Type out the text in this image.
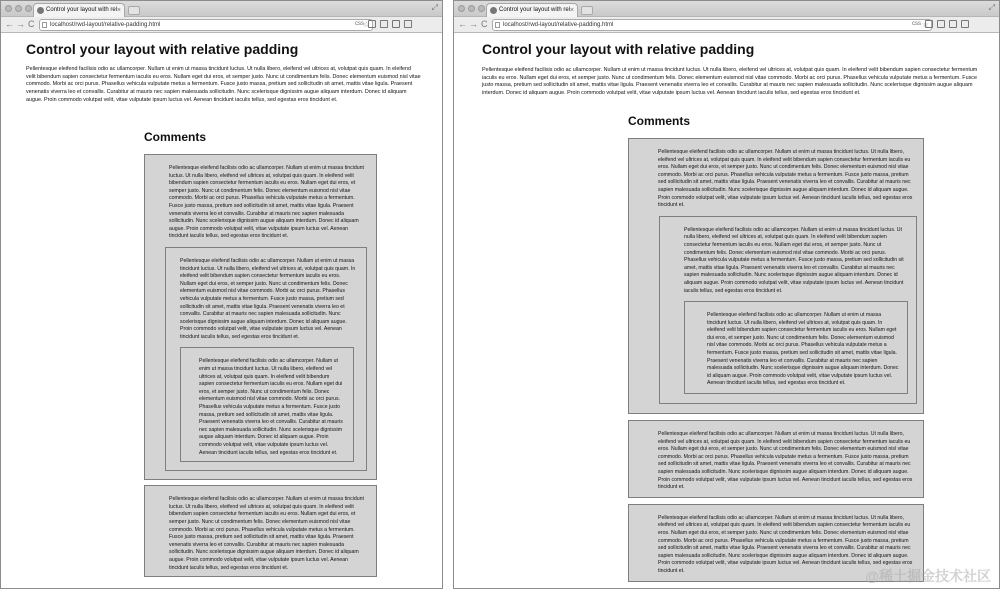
Control your layout with rel ×	⤢
← → C	localhost/rwd-layout/relative-padding.html	☆
css
Control your layout with relative padding

Pellentesque eleifend facilisis odio ac ullamcorper. Nullam ut enim ut massa tincidunt luctus. Ut nulla libero, eleifend vel ultrices at, volutpat quis quam. In eleifend velit bibendum sapien consectetur fermentum iaculis eu eros. Nullam eget dui eros, et semper justo. Nunc ut condimentum felis. Donec elementum euismod nisl vitae commodo. Morbi ac orci purus. Phasellus vehicula vulputate metus a fermentum. Fusce justo massa, pretium sed sollicitudin sit amet, mattis vitae ligula. Praesent venenatis viverra leo et convallis. Curabitur at mauris nec sapien malesuada sollicitudin. Nunc scelerisque dignissim augue aliquam interdum. Donec id aliquam augue. Proin commodo volutpat velit, vitae vulputate ipsum luctus vel. Aenean tincidunt iaculis tellus, sed egestas eros tincidunt et.

Comments

Pellentesque eleifend facilisis odio ac ullamcorper. Nullam ut enim ut massa tincidunt luctus. Ut nulla libero, eleifend vel ultrices at, volutpat quis quam. In eleifend velit bibendum sapien consectetur fermentum iaculis eu eros. Nullam eget dui eros, et semper justo. Nunc ut condimentum felis. Donec elementum euismod nisl vitae commodo. Morbi ac orci purus. Phasellus vehicula vulputate metus a fermentum. Fusce justo massa, pretium sed sollicitudin sit amet, mattis vitae ligula. Praesent venenatis viverra leo et convallis. Curabitur at mauris nec sapien malesuada sollicitudin. Nunc scelerisque dignissim augue aliquam interdum. Donec id aliquam augue. Proin commodo volutpat velit, vitae vulputate ipsum luctus vel. Aenean tincidunt iaculis tellus, sed egestas eros tincidunt et.

Pellentesque eleifend facilisis odio ac ullamcorper. Nullam ut enim ut massa tincidunt luctus. Ut nulla libero, eleifend vel ultrices at, volutpat quis quam. In eleifend velit bibendum sapien consectetur fermentum iaculis eu eros. Nullam eget dui eros, et semper justo. Nunc ut condimentum felis. Donec elementum euismod nisl vitae commodo. Morbi ac orci purus. Phasellus vehicula vulputate metus a fermentum. Fusce justo massa, pretium sed sollicitudin sit amet, mattis vitae ligula. Praesent venenatis viverra leo et convallis. Curabitur at mauris nec sapien malesuada sollicitudin. Nunc scelerisque dignissim augue aliquam interdum. Donec id aliquam augue. Proin commodo volutpat velit, vitae vulputate ipsum luctus vel. Aenean tincidunt iaculis tellus, sed egestas eros tincidunt et.

Pellentesque eleifend facilisis odio ac ullamcorper. Nullam ut enim ut massa tincidunt luctus. Ut nulla libero, eleifend vel ultrices at, volutpat quis quam. In eleifend velit bibendum sapien consectetur fermentum iaculis eu eros. Nullam eget dui eros, et semper justo. Nunc ut condimentum felis. Donec elementum euismod nisl vitae commodo. Morbi ac orci purus. Phasellus vehicula vulputate metus a fermentum. Fusce justo massa, pretium sed sollicitudin sit amet, mattis vitae ligula. Praesent venenatis viverra leo et convallis. Curabitur at mauris nec sapien malesuada sollicitudin. Nunc scelerisque dignissim augue aliquam interdum. Donec id aliquam augue. Proin commodo volutpat velit, vitae vulputate ipsum luctus vel. Aenean tincidunt iaculis tellus, sed egestas eros tincidunt et.

Pellentesque eleifend facilisis odio ac ullamcorper. Nullam ut enim ut massa tincidunt luctus. Ut nulla libero, eleifend vel ultrices at, volutpat quis quam. In eleifend velit bibendum sapien consectetur fermentum iaculis eu eros. Nullam eget dui eros, et semper justo. Nunc ut condimentum felis. Donec elementum euismod nisl vitae commodo. Morbi ac orci purus. Phasellus vehicula vulputate metus a fermentum. Fusce justo massa, pretium sed sollicitudin sit amet, mattis vitae ligula. Praesent venenatis viverra leo et convallis. Curabitur at mauris nec sapien malesuada sollicitudin. Nunc scelerisque dignissim augue aliquam interdum. Donec id aliquam augue. Proin commodo volutpat velit, vitae vulputate ipsum luctus vel. Aenean tincidunt iaculis tellus, sed egestas eros tincidunt et.

Control your layout with rel ×	⤢
← → C	localhost/rwd-layout/relative-padding.html	☆
css
Control your layout with relative padding

Pellentesque eleifend facilisis odio ac ullamcorper. Nullam ut enim ut massa tincidunt luctus. Ut nulla libero, eleifend vel ultrices at, volutpat quis quam. In eleifend velit bibendum sapien consectetur fermentum iaculis eu eros. Nullam eget dui eros, et semper justo. Nunc ut condimentum felis. Donec elementum euismod nisl vitae commodo. Morbi ac orci purus. Phasellus vehicula vulputate metus a fermentum. Fusce justo massa, pretium sed sollicitudin sit amet, mattis vitae ligula. Praesent venenatis viverra leo et convallis. Curabitur at mauris nec sapien malesuada sollicitudin. Nunc scelerisque dignissim augue aliquam interdum. Donec id aliquam augue. Proin commodo volutpat velit, vitae vulputate ipsum luctus vel. Aenean tincidunt iaculis tellus, sed egestas eros tincidunt et.

Comments

Pellentesque eleifend facilisis odio ac ullamcorper. Nullam ut enim ut massa tincidunt luctus. Ut nulla libero, eleifend vel ultrices at, volutpat quis quam. In eleifend velit bibendum sapien consectetur fermentum iaculis eu eros. Nullam eget dui eros, et semper justo. Nunc ut condimentum felis. Donec elementum euismod nisl vitae commodo. Morbi ac orci purus. Phasellus vehicula vulputate metus a fermentum. Fusce justo massa, pretium sed sollicitudin sit amet, mattis vitae ligula. Praesent venenatis viverra leo et convallis. Curabitur at mauris nec sapien malesuada sollicitudin. Nunc scelerisque dignissim augue aliquam interdum. Donec id aliquam augue. Proin commodo volutpat velit, vitae vulputate ipsum luctus vel. Aenean tincidunt iaculis tellus, sed egestas eros tincidunt et.

Pellentesque eleifend facilisis odio ac ullamcorper. Nullam ut enim ut massa tincidunt luctus. Ut nulla libero, eleifend vel ultrices at, volutpat quis quam. In eleifend velit bibendum sapien consectetur fermentum iaculis eu eros. Nullam eget dui eros, et semper justo. Nunc ut condimentum felis. Donec elementum euismod nisl vitae commodo. Morbi ac orci purus. Phasellus vehicula vulputate metus a fermentum. Fusce justo massa, pretium sed sollicitudin sit amet, mattis vitae ligula. Praesent venenatis viverra leo et convallis. Curabitur at mauris nec sapien malesuada sollicitudin. Nunc scelerisque dignissim augue aliquam interdum. Donec id aliquam augue. Proin commodo volutpat velit, vitae vulputate ipsum luctus vel. Aenean tincidunt iaculis tellus, sed egestas eros tincidunt et.

Pellentesque eleifend facilisis odio ac ullamcorper. Nullam ut enim ut massa tincidunt luctus. Ut nulla libero, eleifend vel ultrices at, volutpat quis quam. In eleifend velit bibendum sapien consectetur fermentum iaculis eu eros. Nullam eget dui eros, et semper justo. Nunc ut condimentum felis. Donec elementum euismod nisl vitae commodo. Morbi ac orci purus. Phasellus vehicula vulputate metus a fermentum. Fusce justo massa, pretium sed sollicitudin sit amet, mattis vitae ligula. Praesent venenatis viverra leo et convallis. Curabitur at mauris nec sapien malesuada sollicitudin. Nunc scelerisque dignissim augue aliquam interdum. Donec id aliquam augue. Proin commodo volutpat velit, vitae vulputate ipsum luctus vel. Aenean tincidunt iaculis tellus, sed egestas eros tincidunt et.

Pellentesque eleifend facilisis odio ac ullamcorper. Nullam ut enim ut massa tincidunt luctus. Ut nulla libero, eleifend vel ultrices at, volutpat quis quam. In eleifend velit bibendum sapien consectetur fermentum iaculis eu eros. Nullam eget dui eros, et semper justo. Nunc ut condimentum felis. Donec elementum euismod nisl vitae commodo. Morbi ac orci purus. Phasellus vehicula vulputate metus a fermentum. Fusce justo massa, pretium sed sollicitudin sit amet, mattis vitae ligula. Praesent venenatis viverra leo et convallis. Curabitur at mauris nec sapien malesuada sollicitudin. Nunc scelerisque dignissim augue aliquam interdum. Donec id aliquam augue. Proin commodo volutpat velit, vitae vulputate ipsum luctus vel. Aenean tincidunt iaculis tellus, sed egestas eros tincidunt et.

Pellentesque eleifend facilisis odio ac ullamcorper. Nullam ut enim ut massa tincidunt luctus. Ut nulla libero, eleifend vel ultrices at, volutpat quis quam. In eleifend velit bibendum sapien consectetur fermentum iaculis eu eros. Nullam eget dui eros, et semper justo. Nunc ut condimentum felis. Donec elementum euismod nisl vitae commodo. Morbi ac orci purus. Phasellus vehicula vulputate metus a fermentum. Fusce justo massa, pretium sed sollicitudin sit amet, mattis vitae ligula. Praesent venenatis viverra leo et convallis. Curabitur at mauris nec sapien malesuada sollicitudin. Nunc scelerisque dignissim augue aliquam interdum. Donec id aliquam augue. Proin commodo volutpat velit, vitae vulputate ipsum luctus vel. Aenean tincidunt iaculis tellus, sed egestas eros tincidunt et.	@稀土掘金技术社区
